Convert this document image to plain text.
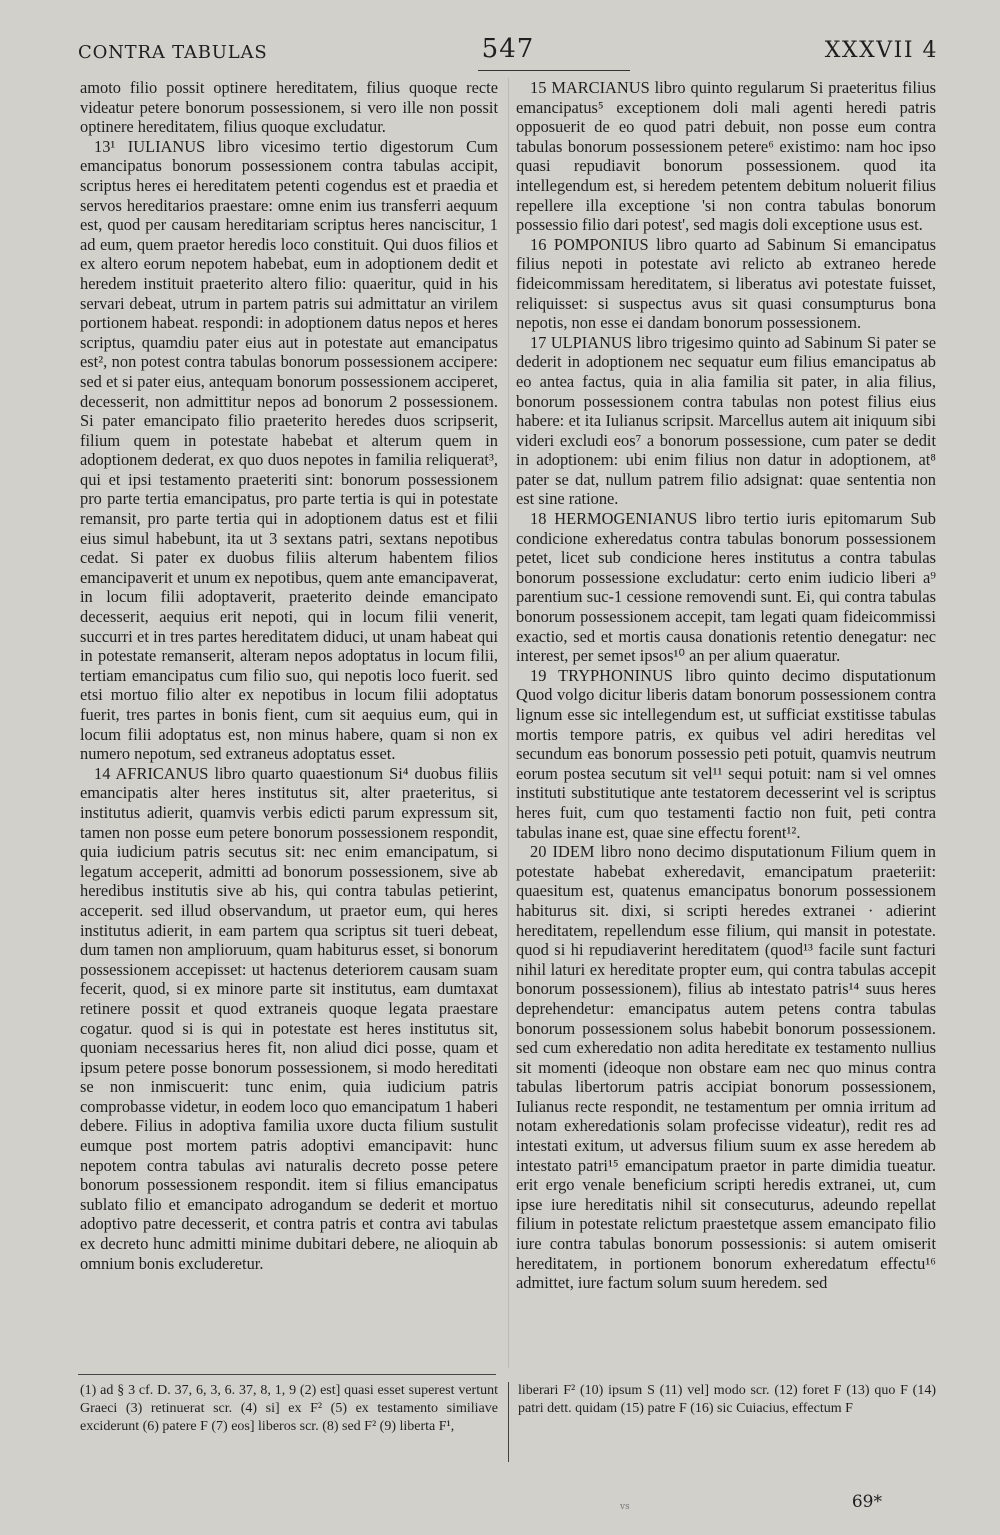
CONTRA TABULAS	547	XXXVII 4

amoto filio possit optinere hereditatem, filius quoque recte videatur petere bonorum possessionem, si vero ille non possit optinere hereditatem, filius quoque excludatur.

13¹ IULIANUS libro vicesimo tertio digestorum Cum emancipatus bonorum possessionem contra tabulas accipit, scriptus heres ei hereditatem petenti cogendus est et praedia et servos hereditarios praestare: omne enim ius transferri aequum est, quod per causam hereditariam scriptus heres nanciscitur, 1 ad eum, quem praetor heredis loco constituit. Qui duos filios et ex altero eorum nepotem habebat, eum in adoptionem dedit et heredem instituit praeterito altero filio: quaeritur, quid in his servari debeat, utrum in partem patris sui admittatur an virilem portionem habeat. respondi: in adoptionem datus nepos et heres scriptus, quamdiu pater eius aut in potestate aut emancipatus est², non potest contra tabulas bonorum possessionem accipere: sed et si pater eius, antequam bonorum possessionem acciperet, decesserit, non admittitur nepos ad bonorum 2 possessionem. Si pater emancipato filio praeterito heredes duos scripserit, filium quem in potestate habebat et alterum quem in adoptionem dederat, ex quo duos nepotes in familia reliquerat³, qui et ipsi testamento praeteriti sint: bonorum possessionem pro parte tertia emancipatus, pro parte tertia is qui in potestate remansit, pro parte tertia qui in adoptionem datus est et filii eius simul habebunt, ita ut 3 sextans patri, sextans nepotibus cedat. Si pater ex duobus filiis alterum habentem filios emancipaverit et unum ex nepotibus, quem ante emancipaverat, in locum filii adoptaverit, praeterito deinde emancipato decesserit, aequius erit nepoti, qui in locum filii venerit, succurri et in tres partes hereditatem diduci, ut unam habeat qui in potestate remanserit, alteram nepos adoptatus in locum filii, tertiam emancipatus cum filio suo, qui nepotis loco fuerit. sed etsi mortuo filio alter ex nepotibus in locum filii adoptatus fuerit, tres partes in bonis fient, cum sit aequius eum, qui in locum filii adoptatus est, non minus habere, quam si non ex numero nepotum, sed extraneus adoptatus esset.

14 AFRICANUS libro quarto quaestionum Si⁴ duobus filiis emancipatis alter heres institutus sit, alter praeteritus, si institutus adierit, quamvis verbis edicti parum expressum sit, tamen non posse eum petere bonorum possessionem respondit, quia iudicium patris secutus sit: nec enim emancipatum, si legatum acceperit, admitti ad bonorum possessionem, sive ab heredibus institutis sive ab his, qui contra tabulas petierint, acceperit. sed illud observandum, ut praetor eum, qui heres institutus adierit, in eam partem qua scriptus sit tueri debeat, dum tamen non amplioruum, quam habiturus esset, si bonorum possessionem accepisset: ut hactenus deteriorem causam suam fecerit, quod, si ex minore parte sit institutus, eam dumtaxat retinere possit et quod extraneis quoque legata praestare cogatur. quod si is qui in potestate est heres institutus sit, quoniam necessarius heres fit, non aliud dici posse, quam et ipsum petere posse bonorum possessionem, si modo hereditati se non inmiscuerit: tunc enim, quia iudicium patris comprobasse videtur, in eodem loco quo emancipatum 1 haberi debere. Filius in adoptiva familia uxore ducta filium sustulit eumque post mortem patris adoptivi emancipavit: hunc nepotem contra tabulas avi naturalis decreto posse petere bonorum possessionem respondit. item si filius emancipatus sublato filio et emancipato adrogandum se dederit et mortuo adoptivo patre decesserit, et contra patris et contra avi tabulas ex decreto hunc admitti minime dubitari debere, ne alioquin ab omnium bonis excluderetur.

15 MARCIANUS libro quinto regularum Si praeteritus filius emancipatus⁵ exceptionem doli mali agenti heredi patris opposuerit de eo quod patri debuit, non posse eum contra tabulas bonorum possessionem petere⁶ existimo: nam hoc ipso quasi repudiavit bonorum possessionem. quod ita intellegendum est, si heredem petentem debitum noluerit filius repellere illa exceptione 'si non contra tabulas bonorum possessio filio dari potest', sed magis doli exceptione usus est.

16 POMPONIUS libro quarto ad Sabinum Si emancipatus filius nepoti in potestate avi relicto ab extraneo herede fideicommissam hereditatem, si liberatus avi potestate fuisset, reliquisset: si suspectus avus sit quasi consumpturus bona nepotis, non esse ei dandam bonorum possessionem.

17 ULPIANUS libro trigesimo quinto ad Sabinum Si pater se dederit in adoptionem nec sequatur eum filius emancipatus ab eo antea factus, quia in alia familia sit pater, in alia filius, bonorum possessionem contra tabulas non potest filius eius habere: et ita Iulianus scripsit. Marcellus autem ait iniquum sibi videri excludi eos⁷ a bonorum possessione, cum pater se dedit in adoptionem: ubi enim filius non datur in adoptionem, at⁸ pater se dat, nullum patrem filio adsignat: quae sententia non est sine ratione.

18 HERMOGENIANUS libro tertio iuris epitomarum Sub condicione exheredatus contra tabulas bonorum possessionem petet, licet sub condicione heres institutus a contra tabulas bonorum possessione excludatur: certo enim iudicio liberi a⁹ parentium suc-1 cessione removendi sunt. Ei, qui contra tabulas bonorum possessionem accepit, tam legati quam fideicommissi exactio, sed et mortis causa donationis retentio denegatur: nec interest, per semet ipsos¹⁰ an per alium quaeratur.

19 TRYPHONINUS libro quinto decimo disputationum Quod volgo dicitur liberis datam bonorum possessionem contra lignum esse sic intellegendum est, ut sufficiat exstitisse tabulas mortis tempore patris, ex quibus vel adiri hereditas vel secundum eas bonorum possessio peti potuit, quamvis neutrum eorum postea secutum sit vel¹¹ sequi potuit: nam si vel omnes instituti substitutique ante testatorem decesserint vel is scriptus heres fuit, cum quo testamenti factio non fuit, peti contra tabulas inane est, quae sine effectu forent¹².

20 IDEM libro nono decimo disputationum Filium quem in potestate habebat exheredavit, emancipatum praeteriit: quaesitum est, quatenus emancipatus bonorum possessionem habiturus sit. dixi, si scripti heredes extranei · adierint hereditatem, repellendum esse filium, qui mansit in potestate. quod si hi repudiaverint hereditatem (quod¹³ facile sunt facturi nihil laturi ex hereditate propter eum, qui contra tabulas accepit bonorum possessionem), filius ab intestato patris¹⁴ suus heres deprehendetur: emancipatus autem petens contra tabulas bonorum possessionem solus habebit bonorum possessionem. sed cum exheredatio non adita hereditate ex testamento nullius sit momenti (ideoque non obstare eam nec quo minus contra tabulas libertorum patris accipiat bonorum possessionem, Iulianus recte respondit, ne testamentum per omnia irritum ad notam exheredationis solam profecisse videatur), redit res ad intestati exitum, ut adversus filium suum ex asse heredem ab intestato patri¹⁵ emancipatum praetor in parte dimidia tueatur. erit ergo venale beneficium scripti heredis extranei, ut, cum ipse iure hereditatis nihil sit consecuturus, adeundo repellat filium in potestate relictum praestetque assem emancipato filio iure contra tabulas bonorum possessionis: si autem omiserit hereditatem, in portionem bonorum exheredatum effectu¹⁶ admittet, iure factum solum suum heredem. sed

(1) ad § 3 cf. D. 37, 6, 3, 6. 37, 8, 1, 9 (2) est] quasi esset superest vertunt Graeci (3) retinuerat scr. (4) si] ex F² (5) ex testamento similiave exciderunt (6) patere F (7) eos] liberos scr. (8) sed F² (9) liberta F¹,
liberari F² (10) ipsum S (11) vel] modo scr. (12) foret F (13) quo F (14) patri dett. quidam (15) patre F (16) sic Cuiacius, effectum F
69*
vs
